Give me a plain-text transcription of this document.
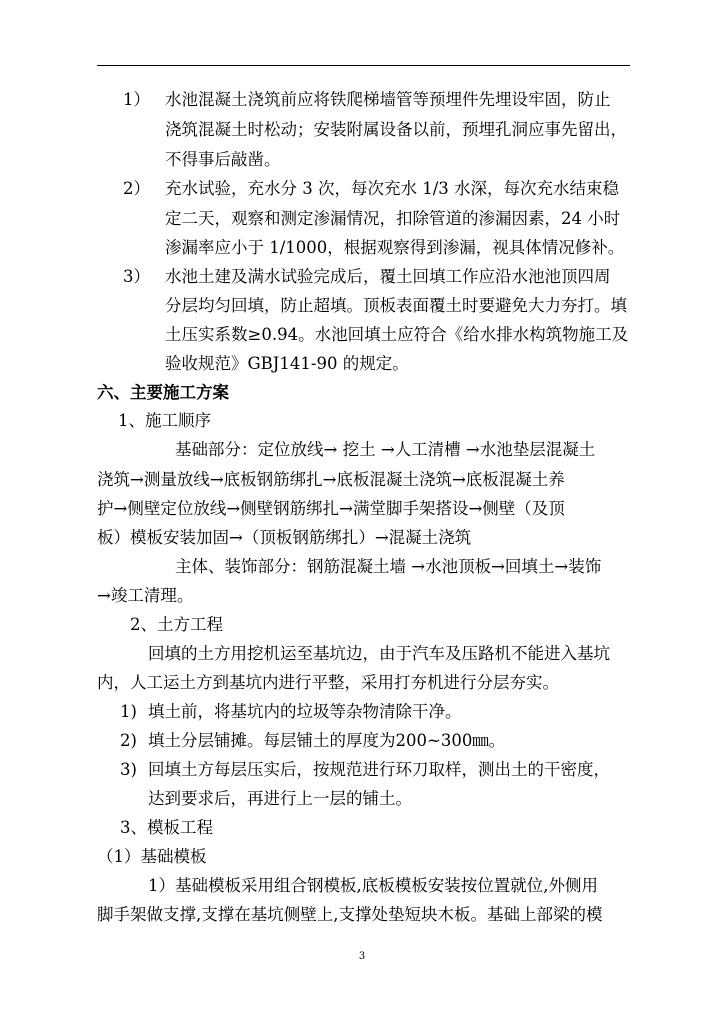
1） 水池混凝土浇筑前应将铁爬梯墙管等预埋件先埋设牢固，防止
浇筑混凝土时松动；安装附属设备以前，预埋孔洞应事先留出，
不得事后敲凿。
2） 充水试验，充水分 3 次，每次充水 1/3 水深，每次充水结束稳
定二天，观察和测定渗漏情况，扣除管道的渗漏因素，24 小时
渗漏率应小于 1/1000，根据观察得到渗漏，视具体情况修补。
3） 水池土建及满水试验完成后，覆土回填工作应沿水池池顶四周
分层均匀回填，防止超填。顶板表面覆土时要避免大力夯打。填
土压实系数≥0.94。水池回填土应符合《给水排水构筑物施工及
验收规范》GBJ141-90 的规定。
六、主要施工方案
1、施工顺序
基础部分：定位放线→ 挖土 →人工清槽 →水池垫层混凝土
浇筑→测量放线→底板钢筋绑扎→底板混凝土浇筑→底板混凝土养
护→侧壁定位放线→侧壁钢筋绑扎→满堂脚手架搭设→侧壁（及顶
板）模板安装加固→（顶板钢筋绑扎）→混凝土浇筑
主体、装饰部分：钢筋混凝土墙 →水池顶板→回填土→装饰
→竣工清理。
2、土方工程
回填的土方用挖机运至基坑边，由于汽车及压路机不能进入基坑
内，人工运土方到基坑内进行平整，采用打夯机进行分层夯实。
1) 填土前，将基坑内的垃圾等杂物清除干净。
2) 填土分层铺摊。每层铺土的厚度为200~300㎜。
3) 回填土方每层压实后，按规范进行环刀取样，测出土的干密度，
达到要求后，再进行上一层的铺土。
3、模板工程
（1）基础模板
1）基础模板采用组合钢模板,底板模板安装按位置就位,外侧用
脚手架做支撑,支撑在基坑侧壁上,支撑处垫短块木板。基础上部梁的模
3
